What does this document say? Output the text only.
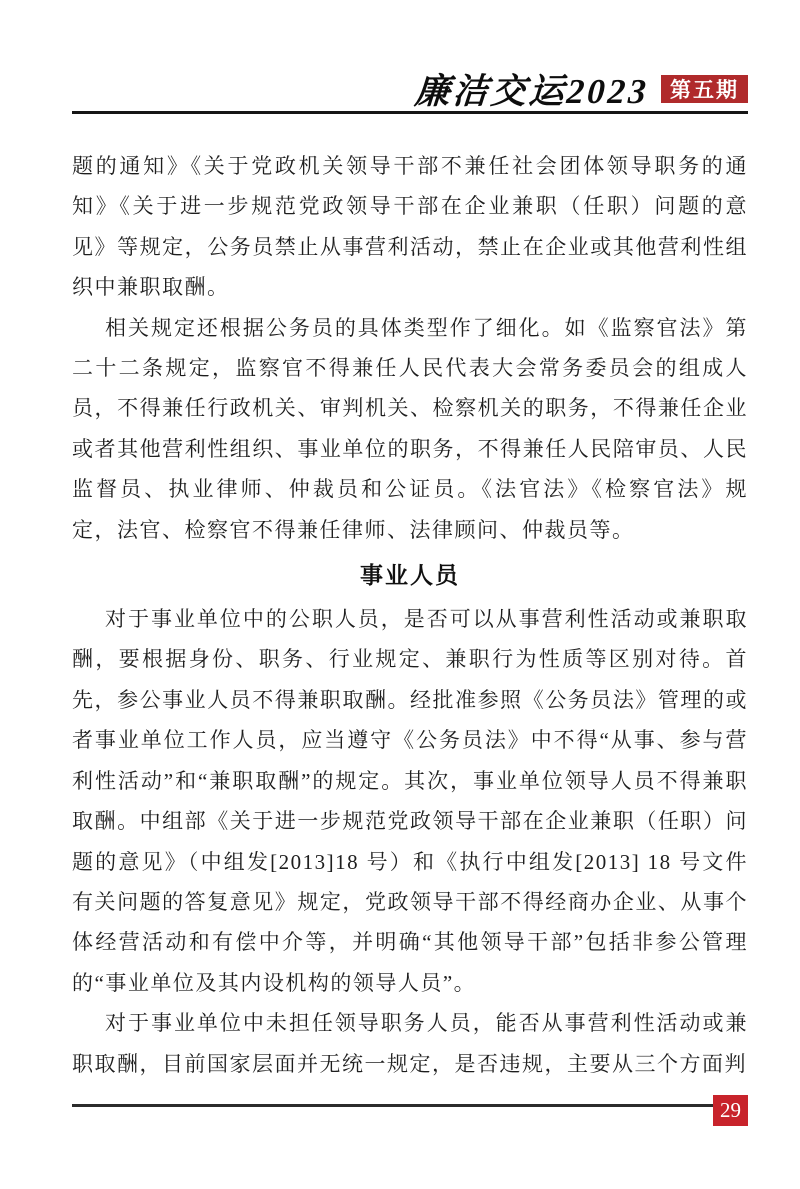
廉洁交运2023 第五期

题的通知》《关于党政机关领导干部不兼任社会团体领导职务的通知》《关于进一步规范党政领导干部在企业兼职（任职）问题的意见》等规定，公务员禁止从事营利活动，禁止在企业或其他营利性组织中兼职取酬。

相关规定还根据公务员的具体类型作了细化。如《监察官法》第二十二条规定，监察官不得兼任人民代表大会常务委员会的组成人员，不得兼任行政机关、审判机关、检察机关的职务，不得兼任企业或者其他营利性组织、事业单位的职务，不得兼任人民陪审员、人民监督员、执业律师、仲裁员和公证员。《法官法》《检察官法》规定，法官、检察官不得兼任律师、法律顾问、仲裁员等。

事业人员

对于事业单位中的公职人员，是否可以从事营利性活动或兼职取酬，要根据身份、职务、行业规定、兼职行为性质等区别对待。首先，参公事业人员不得兼职取酬。经批准参照《公务员法》管理的或者事业单位工作人员，应当遵守《公务员法》中不得“从事、参与营利性活动”和“兼职取酬”的规定。其次，事业单位领导人员不得兼职取酬。中组部《关于进一步规范党政领导干部在企业兼职（任职）问题的意见》（中组发[2013]18 号）和《执行中组发[2013] 18 号文件有关问题的答复意见》规定，党政领导干部不得经商办企业、从事个体经营活动和有偿中介等，并明确“其他领导干部”包括非参公管理的“事业单位及其内设机构的领导人员”。

对于事业单位中未担任领导职务人员，能否从事营利性活动或兼职取酬，目前国家层面并无统一规定，是否违规，主要从三个方面判

29
